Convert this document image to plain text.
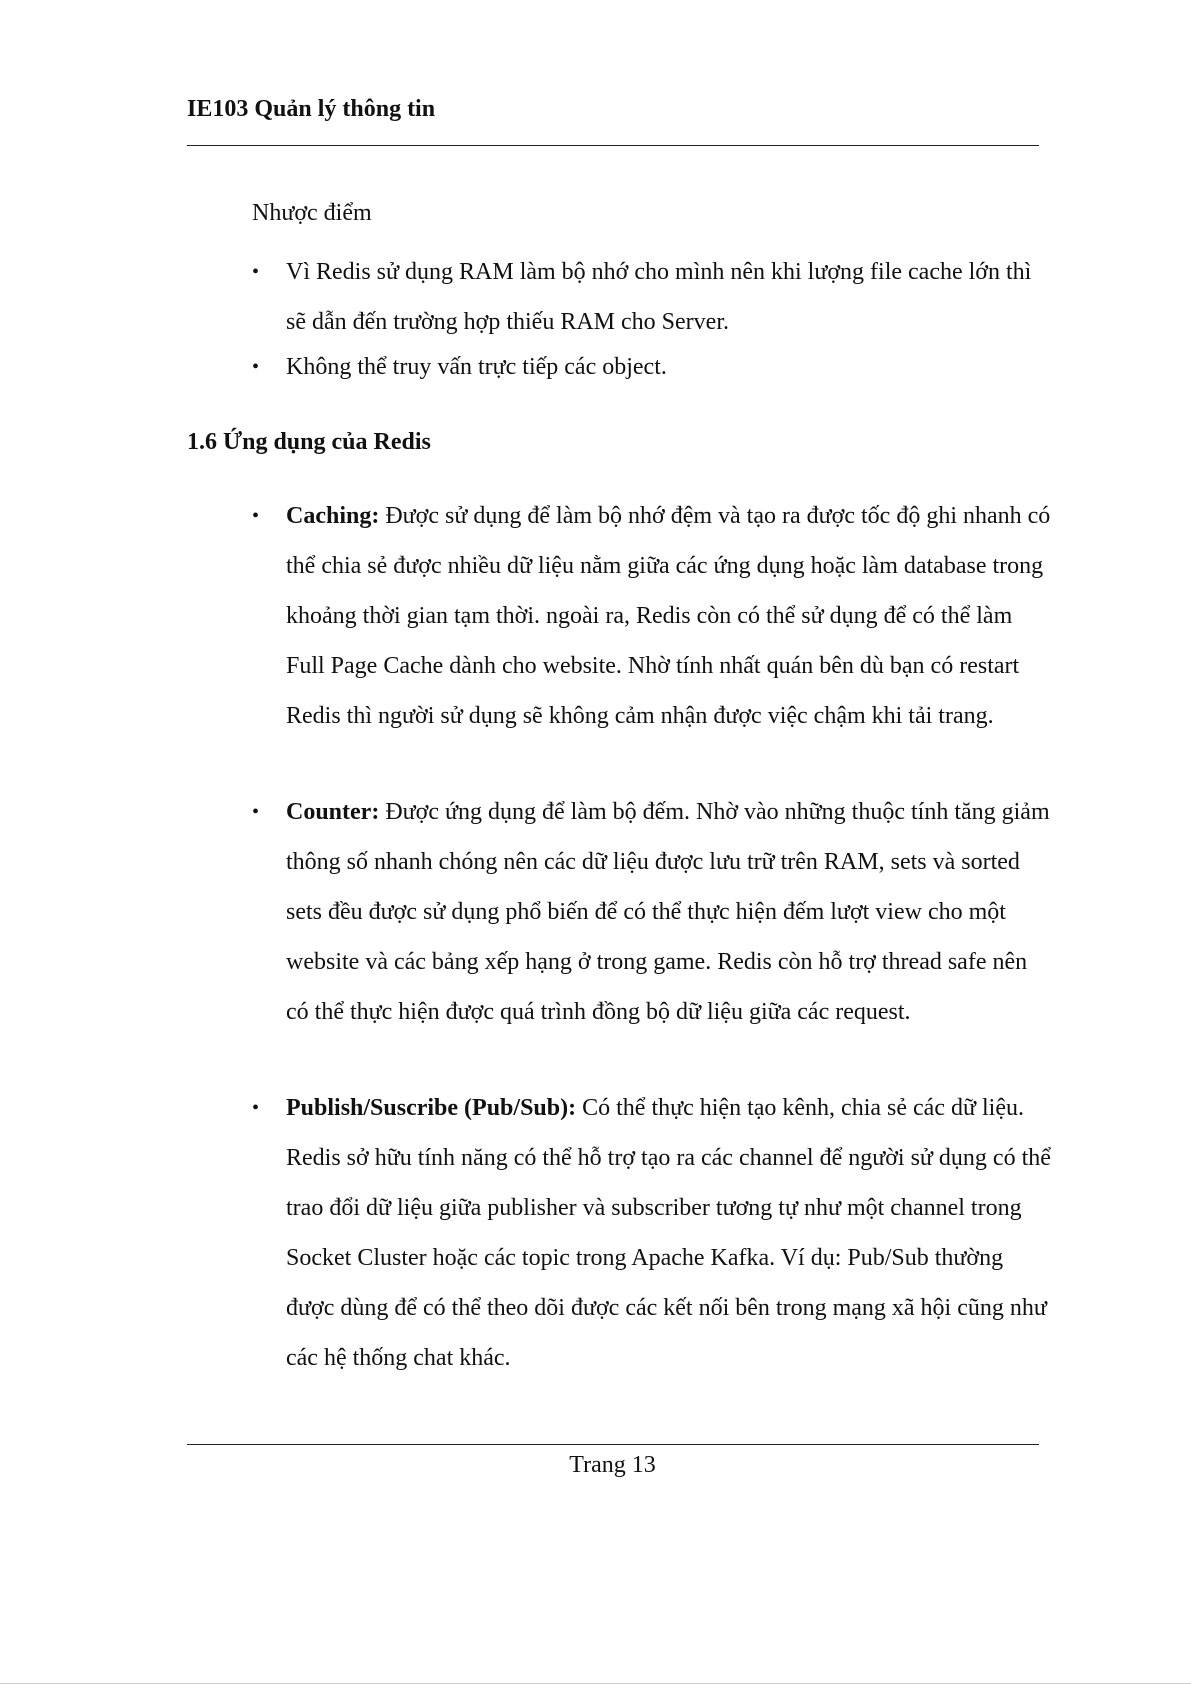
IE103 Quản lý thông tin

Nhược điểm

•	Vì Redis sử dụng RAM làm bộ nhớ cho mình nên khi lượng file cache lớn thì sẽ dẫn đến trường hợp thiếu RAM cho Server.
•	Không thể truy vấn trực tiếp các object.
1.6 Ứng dụng của Redis
•	Caching: Được sử dụng để làm bộ nhớ đệm và tạo ra được tốc độ ghi nhanh có thể chia sẻ được nhiều dữ liệu nằm giữa các ứng dụng hoặc làm database trong khoảng thời gian tạm thời. ngoài ra, Redis còn có thể sử dụng để có thể làm Full Page Cache dành cho website. Nhờ tính nhất quán bên dù bạn có restart Redis thì người sử dụng sẽ không cảm nhận được việc chậm khi tải trang.
•	Counter: Được ứng dụng để làm bộ đếm. Nhờ vào những thuộc tính tăng giảm thông số nhanh chóng nên các dữ liệu được lưu trữ trên RAM, sets và sorted sets đều được sử dụng phổ biến để có thể thực hiện đếm lượt view cho một website và các bảng xếp hạng ở trong game. Redis còn hỗ trợ thread safe nên có thể thực hiện được quá trình đồng bộ dữ liệu giữa các request.
•	Publish/Suscribe (Pub/Sub): Có thể thực hiện tạo kênh, chia sẻ các dữ liệu. Redis sở hữu tính năng có thể hỗ trợ tạo ra các channel để người sử dụng có thể trao đổi dữ liệu giữa publisher và subscriber tương tự như một channel trong Socket Cluster hoặc các topic trong Apache Kafka. Ví dụ: Pub/Sub thường được dùng để có thể theo dõi được các kết nối bên trong mạng xã hội cũng như các hệ thống chat khác.
Trang 13
